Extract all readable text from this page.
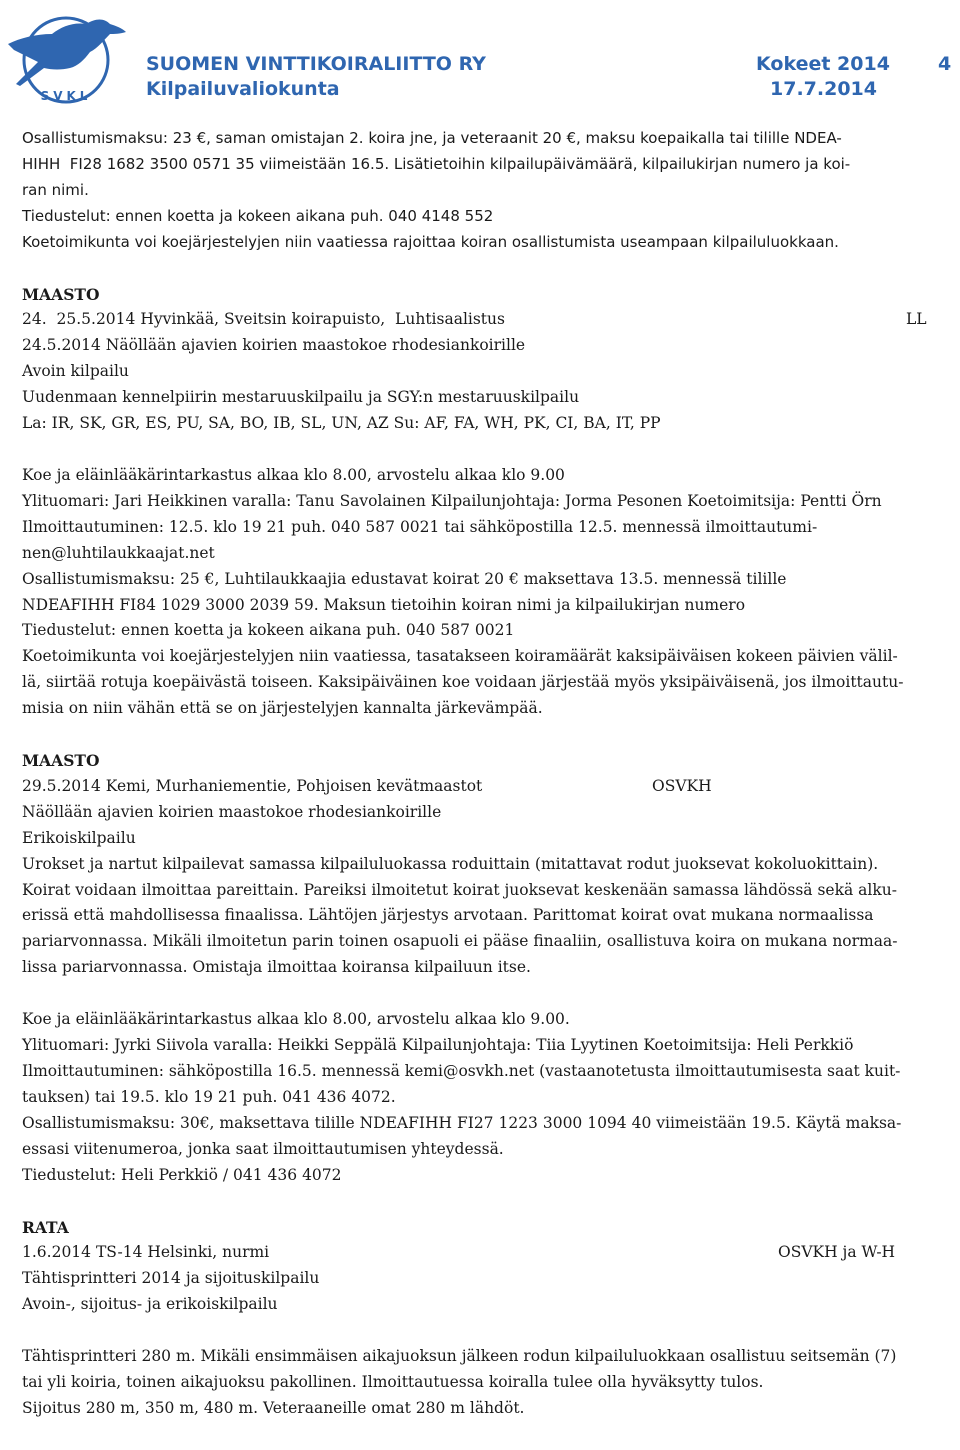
SVKL
SUOMEN VINTTIKOIRALIITTO RY
Kilpailuvaliokunta
Kokeet 2014
17.7.2014
4

Osallistumismaksu: 23 €, saman omistajan 2. koira jne, ja veteraanit 20 €, maksu koepaikalla tai tilille NDEA-

HIHH  FI28 1682 3500 0571 35 viimeistään 16.5. Lisätietoihin kilpailupäivämäärä, kilpailukirjan numero ja koi-

ran nimi.

Tiedustelut: ennen koetta ja kokeen aikana puh. 040 4148 552

Koetoimikunta voi koejärjestelyjen niin vaatiessa rajoittaa koiran osallistumista useampaan kilpailuluokkaan.

MAASTO

24.  25.5.2014 Hyvinkää, Sveitsin koirapuisto,  Luhtisaalistus	LL

24.5.2014 Näöllään ajavien koirien maastokoe rhodesiankoirille

Avoin kilpailu

Uudenmaan kennelpiirin mestaruuskilpailu ja SGY:n mestaruuskilpailu

La: IR, SK, GR, ES, PU, SA, BO, IB, SL, UN, AZ Su: AF, FA, WH, PK, CI, BA, IT, PP

Koe ja eläinlääkärintarkastus alkaa klo 8.00, arvostelu alkaa klo 9.00

Ylituomari: Jari Heikkinen varalla: Tanu Savolainen Kilpailunjohtaja: Jorma Pesonen Koetoimitsija: Pentti Örn

Ilmoittautuminen: 12.5. klo 19 21 puh. 040 587 0021 tai sähköpostilla 12.5. mennessä ilmoittautumi-

nen@luhtilaukkaajat.net

Osallistumismaksu: 25 €, Luhtilaukkaajia edustavat koirat 20 € maksettava 13.5. mennessä tilille

NDEAFIHH FI84 1029 3000 2039 59. Maksun tietoihin koiran nimi ja kilpailukirjan numero

Tiedustelut: ennen koetta ja kokeen aikana puh. 040 587 0021

Koetoimikunta voi koejärjestelyjen niin vaatiessa, tasatakseen koiramäärät kaksipäiväisen kokeen päivien välil-

lä, siirtää rotuja koepäivästä toiseen. Kaksipäiväinen koe voidaan järjestää myös yksipäiväisenä, jos ilmoittautu-

misia on niin vähän että se on järjestelyjen kannalta järkevämpää.

MAASTO

29.5.2014 Kemi, Murhaniementie, Pohjoisen kevätmaastot	OSVKH

Näöllään ajavien koirien maastokoe rhodesiankoirille

Erikoiskilpailu

Urokset ja nartut kilpailevat samassa kilpailuluokassa roduittain (mitattavat rodut juoksevat kokoluokittain).

Koirat voidaan ilmoittaa pareittain. Pareiksi ilmoitetut koirat juoksevat keskenään samassa lähdössä sekä alku-

erissä että mahdollisessa finaalissa. Lähtöjen järjestys arvotaan. Parittomat koirat ovat mukana normaalissa

pariarvonnassa. Mikäli ilmoitetun parin toinen osapuoli ei pääse finaaliin, osallistuva koira on mukana normaa-

lissa pariarvonnassa. Omistaja ilmoittaa koiransa kilpailuun itse.

Koe ja eläinlääkärintarkastus alkaa klo 8.00, arvostelu alkaa klo 9.00.

Ylituomari: Jyrki Siivola varalla: Heikki Seppälä Kilpailunjohtaja: Tiia Lyytinen Koetoimitsija: Heli Perkkiö

Ilmoittautuminen: sähköpostilla 16.5. mennessä kemi@osvkh.net (vastaanotetusta ilmoittautumisesta saat kuit-

tauksen) tai 19.5. klo 19 21 puh. 041 436 4072.

Osallistumismaksu: 30€, maksettava tilille NDEAFIHH FI27 1223 3000 1094 40 viimeistään 19.5. Käytä maksa-

essasi viitenumeroa, jonka saat ilmoittautumisen yhteydessä.

Tiedustelut: Heli Perkkiö / 041 436 4072

RATA

1.6.2014 TS-14 Helsinki, nurmi	OSVKH ja W-H

Tähtisprintteri 2014 ja sijoituskilpailu

Avoin-, sijoitus- ja erikoiskilpailu

Tähtisprintteri 280 m. Mikäli ensimmäisen aikajuoksun jälkeen rodun kilpailuluokkaan osallistuu seitsemän (7)

tai yli koiria, toinen aikajuoksu pakollinen. Ilmoittautuessa koiralla tulee olla hyväksytty tulos.

Sijoitus 280 m, 350 m, 480 m. Veteraaneille omat 280 m lähdöt.
